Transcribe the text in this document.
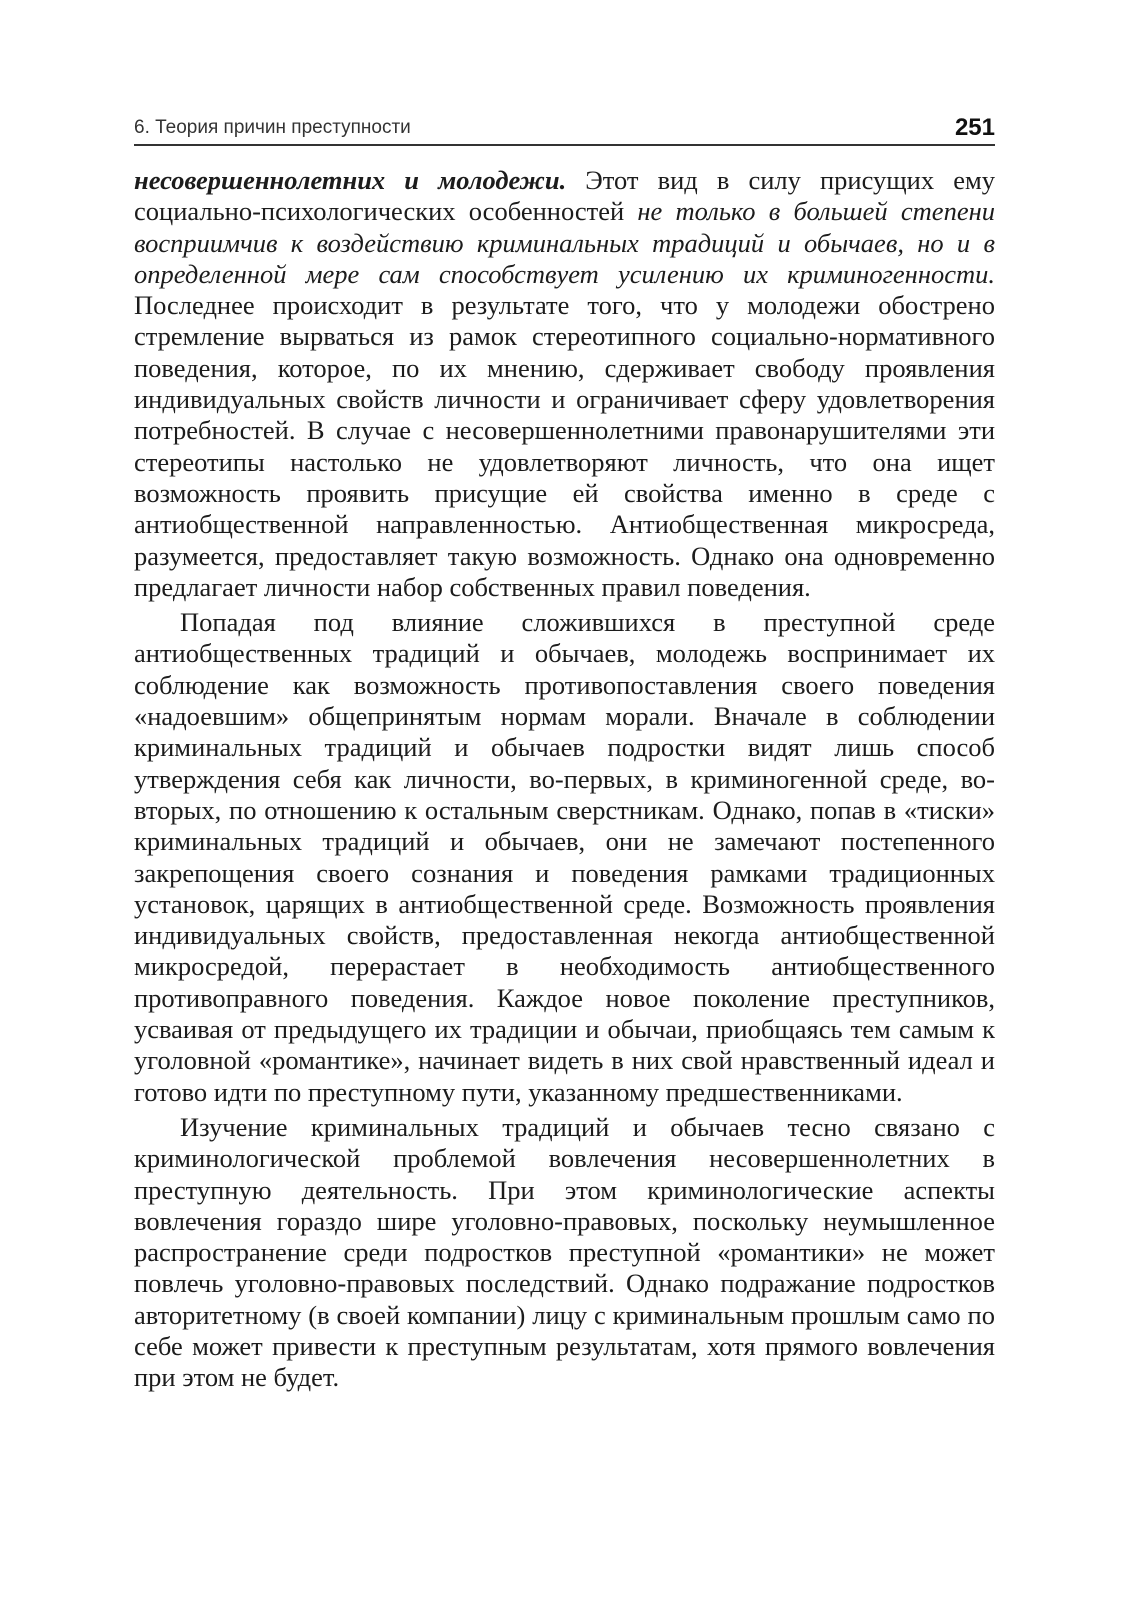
6. Теория причин преступности	251

несовершеннолетних и молодежи. Этот вид в силу присущих ему социально-психологических особенностей не только в большей степени восприимчив к воздействию криминальных традиций и обычаев, но и в определенной мере сам способствует усилению их криминогенности. Последнее происходит в результате того, что у молодежи обострено стремление вырваться из рамок стереотипного социально-нормативного поведения, которое, по их мнению, сдерживает свободу проявления индивидуальных свойств личности и ограничивает сферу удовлетворения потребностей. В случае с несовершеннолетними правонарушителями эти стереотипы настолько не удовлетворяют личность, что она ищет возможность проявить присущие ей свойства именно в среде с антиобщественной направленностью. Антиобщественная микросреда, разумеется, предоставляет такую возможность. Однако она одновременно предлагает личности набор собственных правил поведения.

Попадая под влияние сложившихся в преступной среде антиобщественных традиций и обычаев, молодежь воспринимает их соблюдение как возможность противопоставления своего поведения «надоевшим» общепринятым нормам морали. Вначале в соблюдении криминальных традиций и обычаев подростки видят лишь способ утверждения себя как личности, во-первых, в криминогенной среде, во-вторых, по отношению к остальным сверстникам. Однако, попав в «тиски» криминальных традиций и обычаев, они не замечают постепенного закрепощения своего сознания и поведения рамками традиционных установок, царящих в антиобщественной среде. Возможность проявления индивидуальных свойств, предоставленная некогда антиобщественной микросредой, перерастает в необходимость антиобщественного противоправного поведения. Каждое новое поколение преступников, усваивая от предыдущего их традиции и обычаи, приобщаясь тем самым к уголовной «романтике», начинает видеть в них свой нравственный идеал и готово идти по преступному пути, указанному предшественниками.

Изучение криминальных традиций и обычаев тесно связано с криминологической проблемой вовлечения несовершеннолетних в преступную деятельность. При этом криминологические аспекты вовлечения гораздо шире уголовно-правовых, поскольку неумышленное распространение среди подростков преступной «романтики» не может повлечь уголовно-правовых последствий. Однако подражание подростков авторитетному (в своей компании) лицу с криминальным прошлым само по себе может привести к преступным результатам, хотя прямого вовлечения при этом не будет.
